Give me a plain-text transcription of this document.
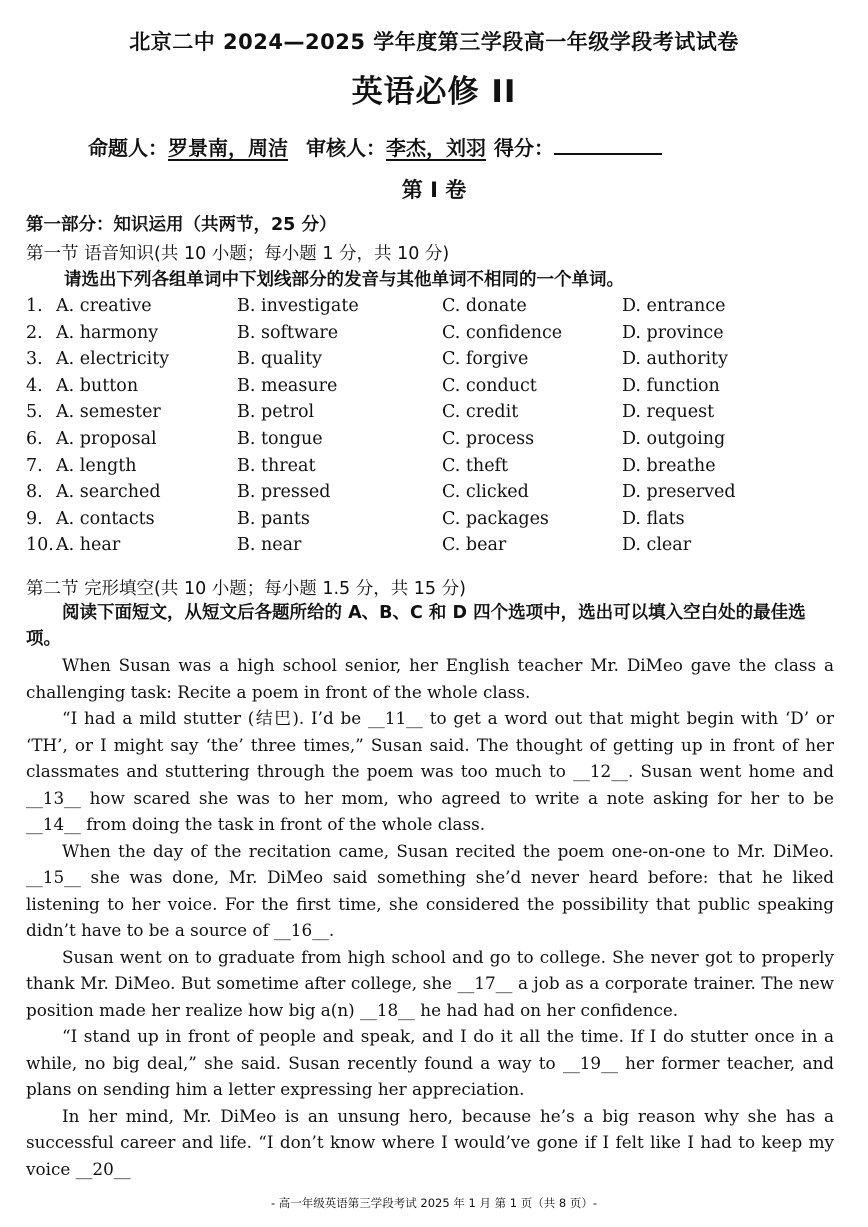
北京二中 2024—2025 学年度第三学段高一年级学段考试试卷
英语必修 II
命题人：罗景南，周洁 审核人：李杰，刘羽 得分：
第 I 卷
第一部分：知识运用（共两节，25 分）
第一节 语音知识(共 10 小题；每小题 1 分，共 10 分)
请选出下列各组单词中下划线部分的发音与其他单词不相同的一个单词。
1. A. creative	B. investigate	C. donate	D. entrance
2. A. harmony	B. software	C. confidence	D. province
3. A. electricity	B. quality	C. forgive	D. authority
4. A. button	B. measure	C. conduct	D. function
5. A. semester	B. petrol	C. credit	D. request
6. A. proposal	B. tongue	C. process	D. outgoing
7. A. length	B. threat	C. theft	D. breathe
8. A. searched	B. pressed	C. clicked	D. preserved
9. A. contacts	B. pants	C. packages	D. flats
10. A. hear	B. near	C. bear	D. clear
第二节 完形填空(共 10 小题；每小题 1.5 分，共 15 分)
阅读下面短文，从短文后各题所给的 A、B、C 和 D 四个选项中，选出可以填入空白处的最佳选项。

When Susan was a high school senior, her English teacher Mr. DiMeo gave the class a challenging task: Recite a poem in front of the whole class.

“I had a mild stutter (结巴). I’d be __11__ to get a word out that might begin with ‘D’ or ‘TH’, or I might say ‘the’ three times,” Susan said. The thought of getting up in front of her classmates and stuttering through the poem was too much to __12__. Susan went home and __13__ how scared she was to her mom, who agreed to write a note asking for her to be __14__ from doing the task in front of the whole class.

When the day of the recitation came, Susan recited the poem one-on-one to Mr. DiMeo. __15__ she was done, Mr. DiMeo said something she’d never heard before: that he liked listening to her voice. For the first time, she considered the possibility that public speaking didn’t have to be a source of __16__.

Susan went on to graduate from high school and go to college. She never got to properly thank Mr. DiMeo. But sometime after college, she __17__ a job as a corporate trainer. The new position made her realize how big a(n) __18__ he had had on her confidence.

“I stand up in front of people and speak, and I do it all the time. If I do stutter once in a while, no big deal,” she said. Susan recently found a way to __19__ her former teacher, and plans on sending him a letter expressing her appreciation.

In her mind, Mr. DiMeo is an unsung hero, because he’s a big reason why she has a successful career and life. “I don’t know where I would’ve gone if I felt like I had to keep my voice __20__

- 高一年级英语第三学段考试 2025 年 1 月 第 1 页（共 8 页）-
